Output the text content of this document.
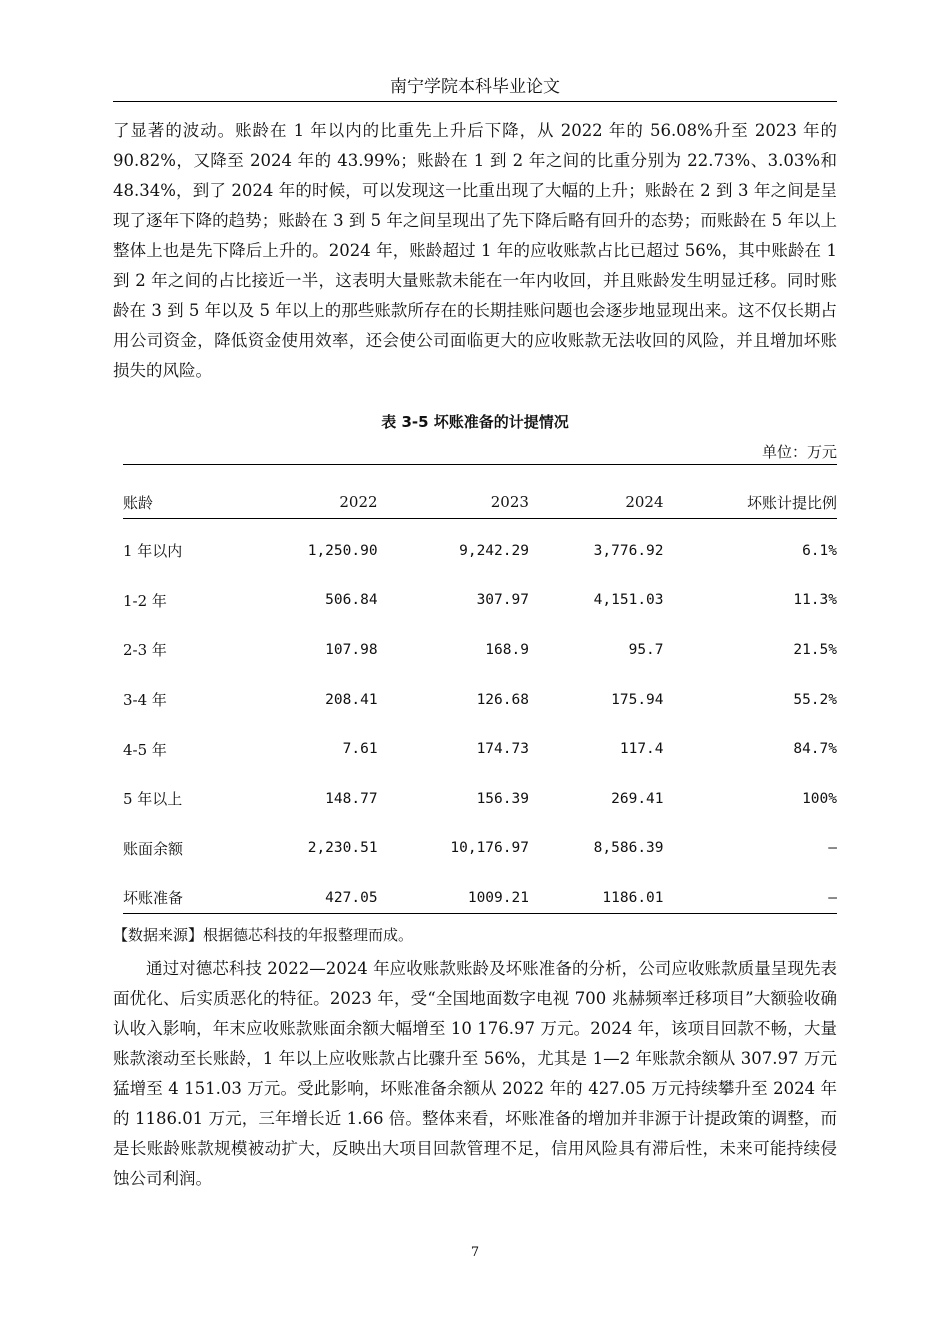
南宁学院本科毕业论文

了显著的波动。账龄在 1 年以内的比重先上升后下降，从 2022 年的 56.08%升至 2023 年的 90.82%，又降至 2024 年的 43.99%；账龄在 1 到 2 年之间的比重分别为 22.73%、3.03%和 48.34%，到了 2024 年的时候，可以发现这一比重出现了大幅的上升；账龄在 2 到 3 年之间是呈现了逐年下降的趋势；账龄在 3 到 5 年之间呈现出了先下降后略有回升的态势；而账龄在 5 年以上整体上也是先下降后上升的。2024 年，账龄超过 1 年的应收账款占比已超过 56%，其中账龄在 1 到 2 年之间的占比接近一半，这表明大量账款未能在一年内收回，并且账龄发生明显迁移。同时账龄在 3 到 5 年以及 5 年以上的那些账款所存在的长期挂账问题也会逐步地显现出来。这不仅长期占用公司资金，降低资金使用效率，还会使公司面临更大的应收账款无法收回的风险，并且增加坏账损失的风险。

表 3-5 坏账准备的计提情况
单位：万元
账龄	2022	2023	2024	坏账计提比例
1 年以内	1,250.90	9,242.29	3,776.92	6.1%
1-2 年	506.84	307.97	4,151.03	11.3%
2-3 年	107.98	168.9	95.7	21.5%
3-4 年	208.41	126.68	175.94	55.2%
4-5 年	7.61	174.73	117.4	84.7%
5 年以上	148.77	156.39	269.41	100%
账面余额	2,230.51	10,176.97	8,586.39	—
坏账准备	427.05	1009.21	1186.01	—
【数据来源】根据德芯科技的年报整理而成。

通过对德芯科技 2022—2024 年应收账款账龄及坏账准备的分析，公司应收账款质量呈现先表面优化、后实质恶化的特征。2023 年，受“全国地面数字电视 700 兆赫频率迁移项目”大额验收确认收入影响，年末应收账款账面余额大幅增至 10 176.97 万元。2024 年，该项目回款不畅，大量账款滚动至长账龄，1 年以上应收账款占比骤升至 56%，尤其是 1—2 年账款余额从 307.97 万元猛增至 4 151.03 万元。受此影响，坏账准备余额从 2022 年的 427.05 万元持续攀升至 2024 年的 1186.01 万元，三年增长近 1.66 倍。整体来看，坏账准备的增加并非源于计提政策的调整，而是长账龄账款规模被动扩大，反映出大项目回款管理不足，信用风险具有滞后性，未来可能持续侵蚀公司利润。

7
